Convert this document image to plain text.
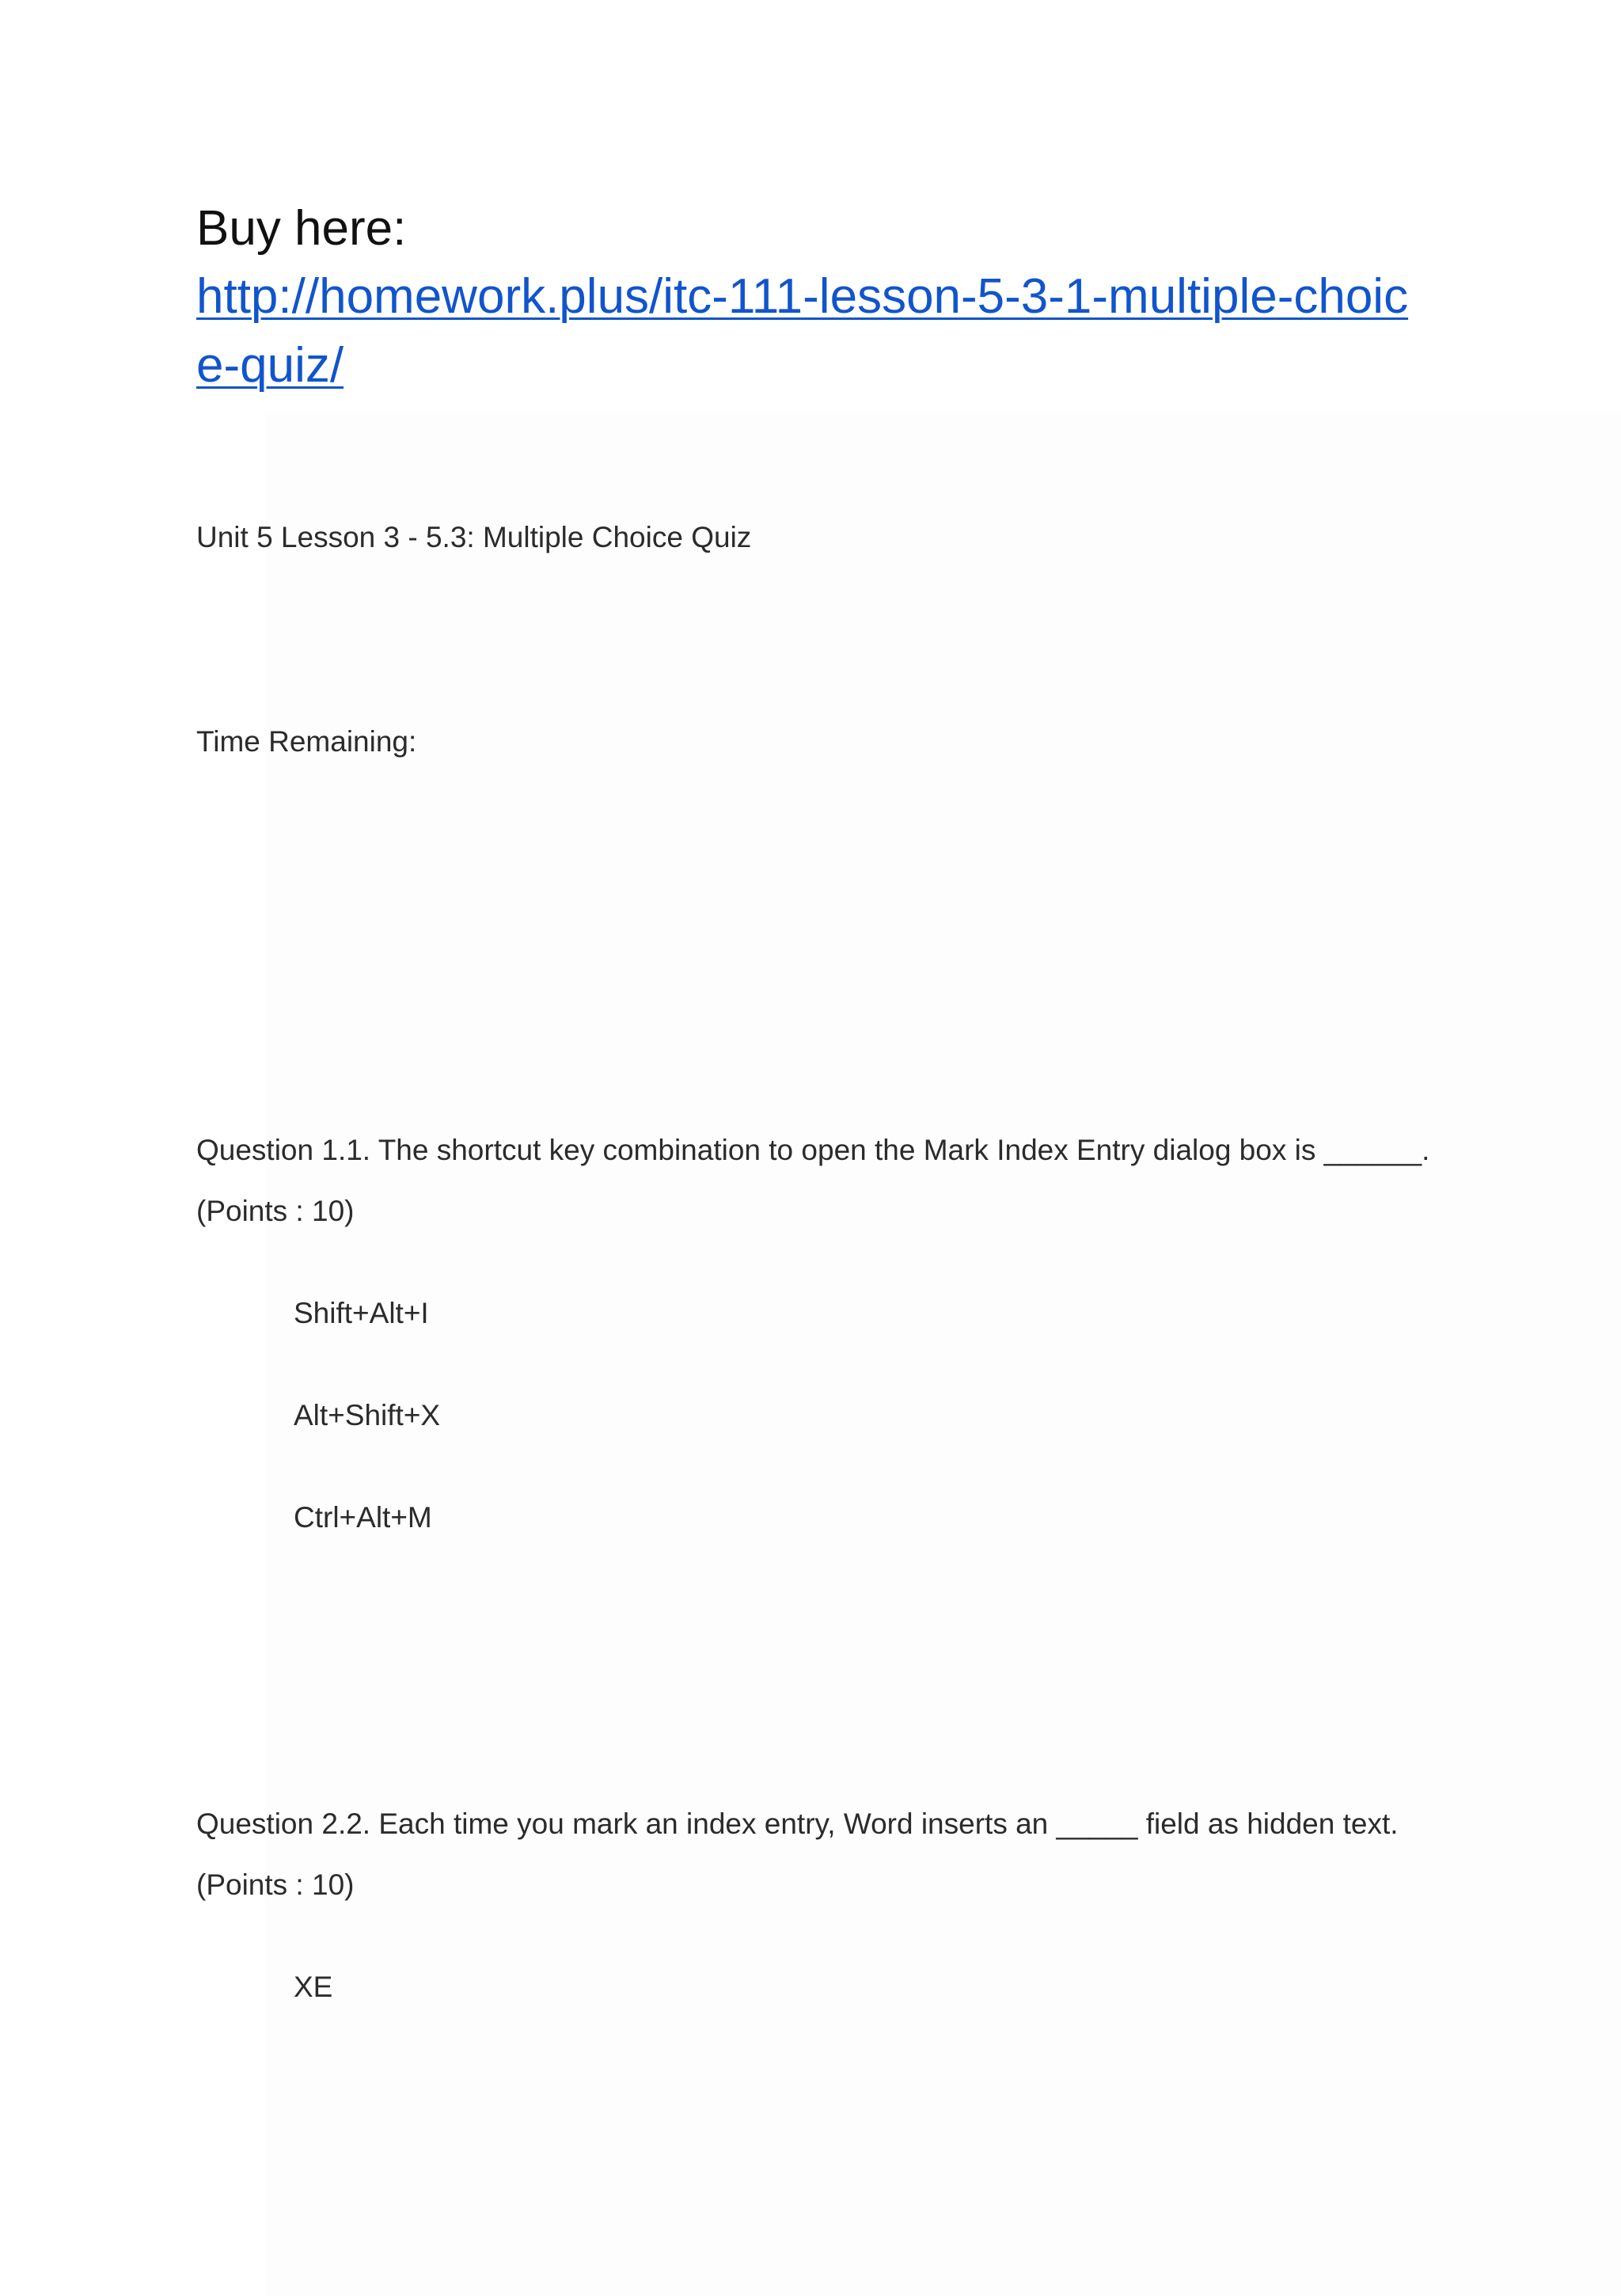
Buy here:
http://homework.plus/itc-111-lesson-5-3-1-multiple-choic
e-quiz/
Unit 5 Lesson 3 - 5.3: Multiple Choice Quiz
Time Remaining:
Question 1.1. The shortcut key combination to open the Mark Index Entry dialog box is ______.
(Points : 10)
Shift+Alt+I
Alt+Shift+X
Ctrl+Alt+M
Question 2.2. Each time you mark an index entry, Word inserts an _____ field as hidden text.
(Points : 10)
XE
